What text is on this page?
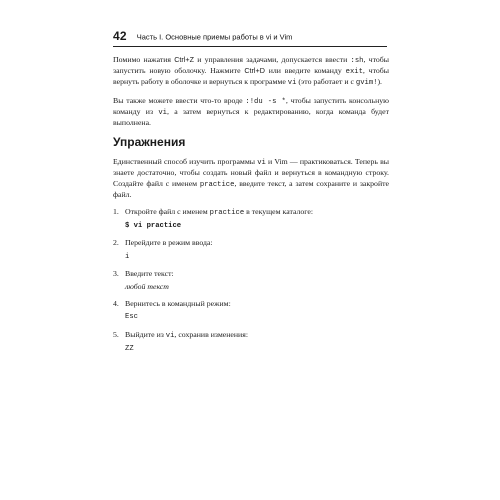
42 Часть I. Основные приемы работы в vi и Vim

Помимо нажатия Ctrl+Z и управления задачами, допускается ввести :sh, чтобы запустить новую оболочку. Нажмите Ctrl+D или введите команду exit, чтобы вернуть работу в оболочке и вернуться к программе vi (это работает и с gvim!).

Вы также можете ввести что-то вроде :!du -s *, чтобы запустить консольную команду из vi, а затем вернуться к редактированию, когда команда будет выполнена.

Упражнения

Единственный способ изучить программы vi и Vim — практиковаться. Теперь вы знаете достаточно, чтобы создать новый файл и вернуться в командную строку. Создайте файл с именем practice, введите текст, а затем сохраните и закройте файл.

1. Откройте файл с именем practice в текущем каталоге:
$ vi practice
2. Перейдите в режим ввода:
i
3. Введите текст:
любой текст
4. Вернитесь в командный режим:
Esc
5. Выйдите из vi, сохранив изменения:
ZZ
